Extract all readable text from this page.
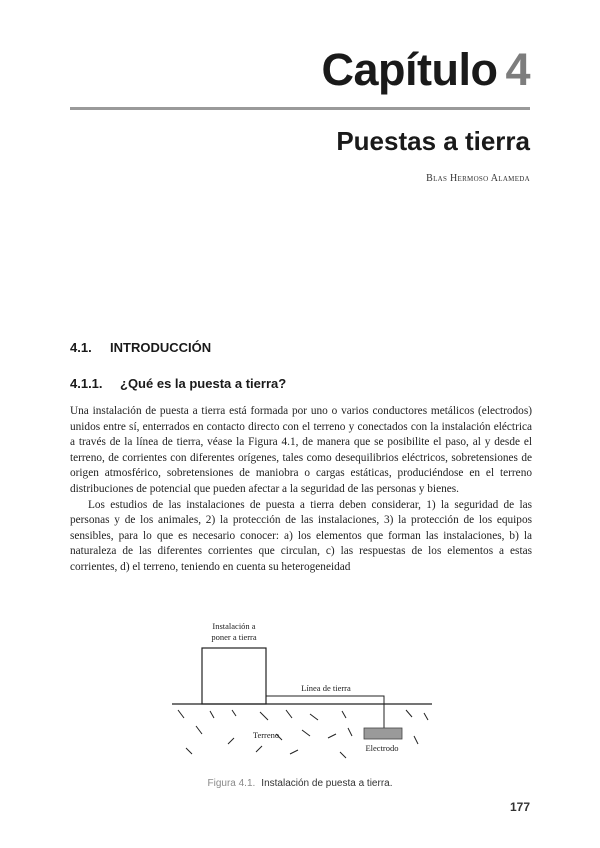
Capítulo 4
Puestas a tierra
Blas Hermoso Alameda
4.1. INTRODUCCIÓN
4.1.1. ¿Qué es la puesta a tierra?

Una instalación de puesta a tierra está formada por uno o varios conductores metálicos (electrodos) unidos entre sí, enterrados en contacto directo con el terreno y conectados con la instalación eléctrica a través de la línea de tierra, véase la Figura 4.1, de manera que se posibilite el paso, al y desde el terreno, de corrientes con diferentes orígenes, tales como desequilibrios eléctricos, sobretensiones de origen atmosférico, sobretensiones de maniobra o cargas estáticas, produciéndose en el terreno distribuciones de potencial que pueden afectar a la seguridad de las personas y bienes.

Los estudios de las instalaciones de puesta a tierra deben considerar, 1) la seguridad de las personas y de los animales, 2) la protección de las instalaciones, 3) la protección de los equipos sensibles, para lo que es necesario conocer: a) los elementos que forman las instalaciones, b) la naturaleza de las diferentes corrientes que circulan, c) las respuestas de los elementos a estas corrientes, d) el terreno, teniendo en cuenta su heterogeneidad

Instalación a
poner a tierra
Línea de tierra
Terreno
Electrodo
Figura 4.1. Instalación de puesta a tierra.
177
